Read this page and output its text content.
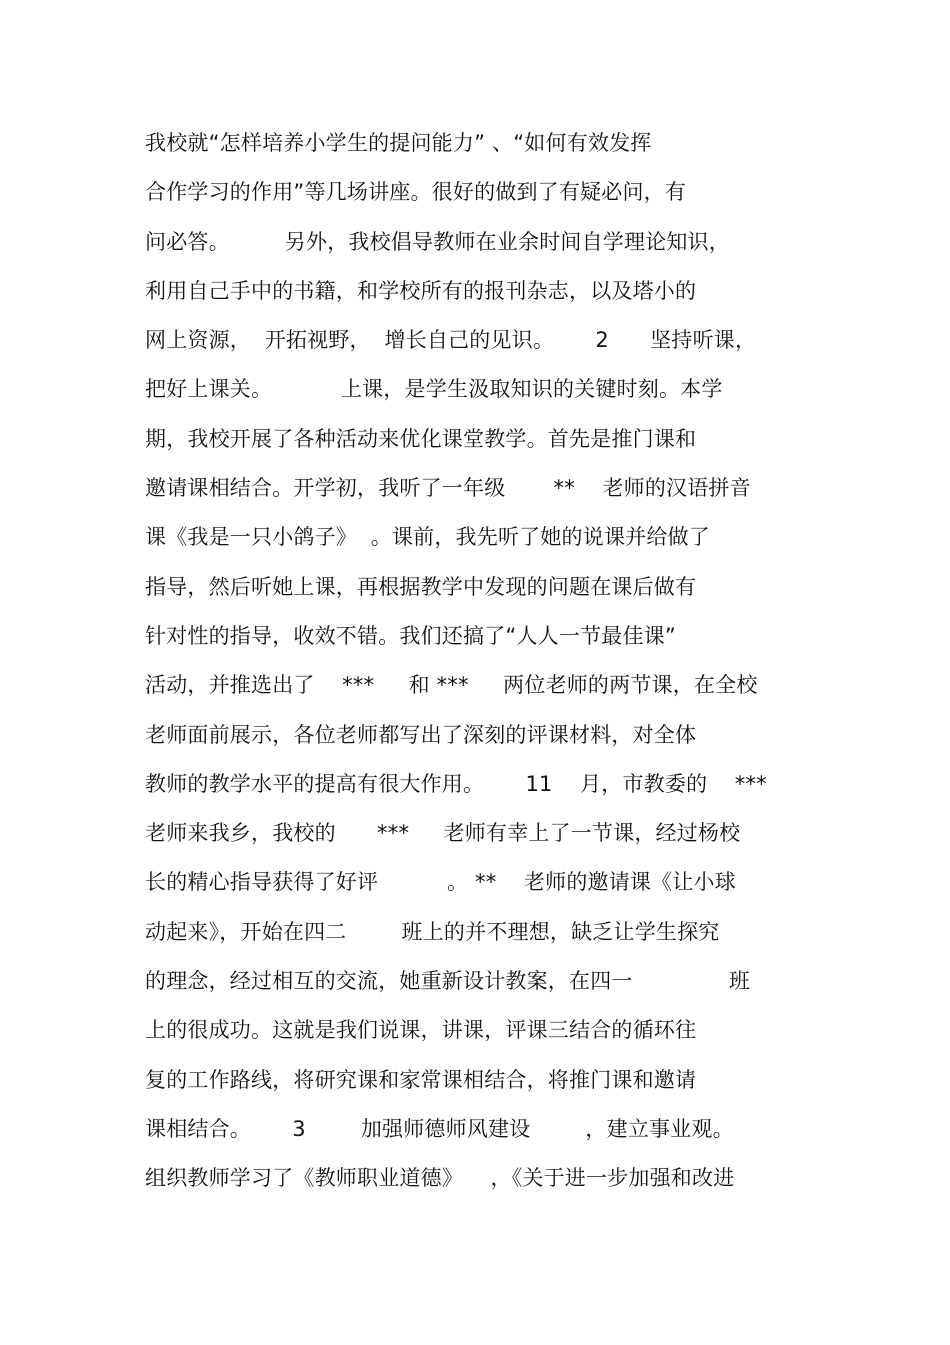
我校就“怎样培养小学生的提问能力” 、“如何有效发挥
合作学习的作用”等几场讲座。很好的做到了有疑必问，有
问必答。        另外，我校倡导教师在业余时间自学理论知识，
利用自己手中的书籍，和学校所有的报刊杂志，以及塔小的
网上资源，  开拓视野，  增长自己的见识。      2      坚持听课，
把好上课关。          上课，是学生汲取知识的关键时刻。本学
期，我校开展了各种活动来优化课堂教学。首先是推门课和
邀请课相结合。开学初，我听了一年级       **    老师的汉语拼音
课《我是一只小鸽子》  。课前，我先听了她的说课并给做了
指导，然后听她上课，再根据教学中发现的问题在课后做有
针对性的指导，收效不错。我们还搞了“人人一节最佳课”
活动，并推选出了    ***     和 ***     两位老师的两节课，在全校
老师面前展示，各位老师都写出了深刻的评课材料，对全体
教师的教学水平的提高有很大作用。      11    月，市教委的    ***
老师来我乡，我校的      ***     老师有幸上了一节课，经过杨校
长的精心指导获得了好评          。 **    老师的邀请课《让小球
动起来》，开始在四二        班上的并不理想，缺乏让学生探究
的理念，经过相互的交流，她重新设计教案，在四一              班
上的很成功。这就是我们说课，讲课，评课三结合的循环往
复的工作路线，将研究课和家常课相结合，将推门课和邀请
课相结合。      3        加强师德师风建设        ，建立事业观。
组织教师学习了《教师职业道德》    ，《关于进一步加强和改进
